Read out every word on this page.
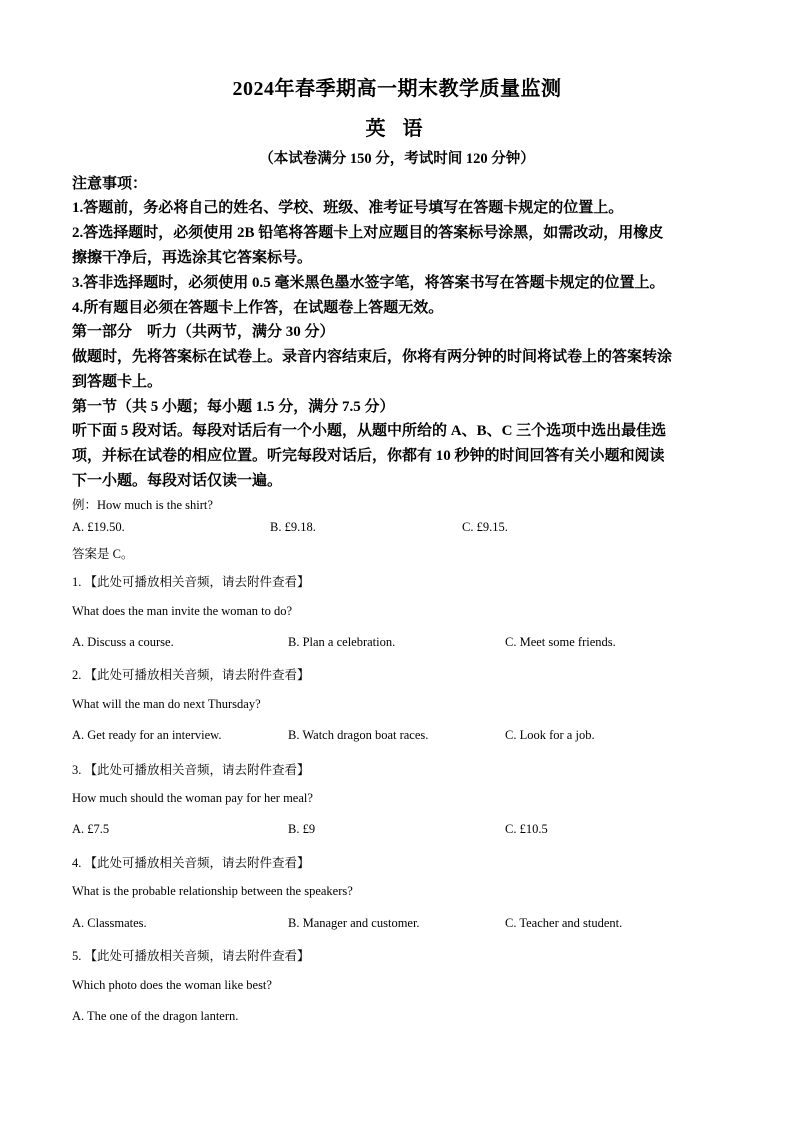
2024年春季期高一期末教学质量监测
英 语
（本试卷满分 150 分，考试时间 120 分钟）
注意事项：
1.答题前，务必将自己的姓名、学校、班级、准考证号填写在答题卡规定的位置上。
2.答选择题时，必须使用 2B 铅笔将答题卡上对应题目的答案标号涂黑，如需改动，用橡皮
擦擦干净后，再选涂其它答案标号。
3.答非选择题时，必须使用 0.5 毫米黑色墨水签字笔，将答案书写在答题卡规定的位置上。
4.所有题目必须在答题卡上作答，在试题卷上答题无效。
第一部分　听力（共两节，满分 30 分）
做题时，先将答案标在试卷上。录音内容结束后，你将有两分钟的时间将试卷上的答案转涂
到答题卡上。
第一节（共 5 小题；每小题 1.5 分，满分 7.5 分）
听下面 5 段对话。每段对话后有一个小题，从题中所给的 A、B、C 三个选项中选出最佳选
项，并标在试卷的相应位置。听完每段对话后，你都有 10 秒钟的时间回答有关小题和阅读
下一小题。每段对话仅读一遍。
例：How much is the shirt?
A. £19.50.	B. £9.18.	C. £9.15.
答案是 C。
1. 【此处可播放相关音频，请去附件查看】
What does the man invite the woman to do?
A. Discuss a course.	B. Plan a celebration.	C. Meet some friends.
2. 【此处可播放相关音频，请去附件查看】
What will the man do next Thursday?
A. Get ready for an interview.	B. Watch dragon boat races.	C. Look for a job.
3. 【此处可播放相关音频，请去附件查看】
How much should the woman pay for her meal?
A. £7.5	B. £9	C. £10.5
4. 【此处可播放相关音频，请去附件查看】
What is the probable relationship between the speakers?
A. Classmates.	B. Manager and customer.	C. Teacher and student.
5. 【此处可播放相关音频，请去附件查看】
Which photo does the woman like best?
A. The one of the dragon lantern.
